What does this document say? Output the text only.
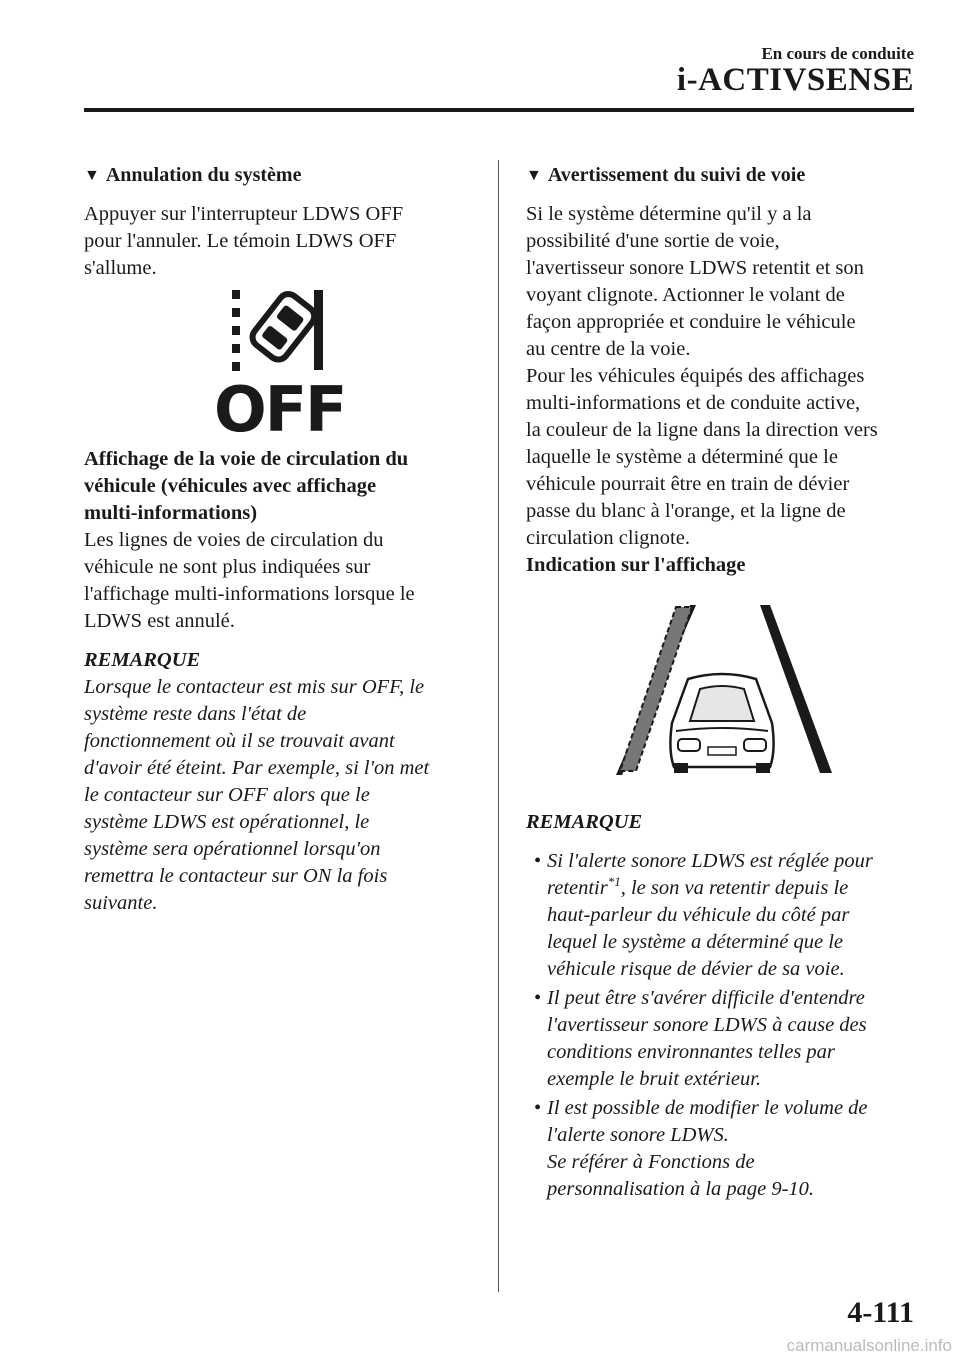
En cours de conduite
i-ACTIVSENSE

▼ Annulation du système

Appuyer sur l'interrupteur LDWS OFF
pour l'annuler. Le témoin LDWS OFF
s'allume.

OFF

Affichage de la voie de circulation du
véhicule (véhicules avec affichage
multi-informations)

Les lignes de voies de circulation du
véhicule ne sont plus indiquées sur
l'affichage multi-informations lorsque le
LDWS est annulé.

REMARQUE

Lorsque le contacteur est mis sur OFF, le
système reste dans l'état de
fonctionnement où il se trouvait avant
d'avoir été éteint. Par exemple, si l'on met
le contacteur sur OFF alors que le
système LDWS est opérationnel, le
système sera opérationnel lorsqu'on
remettra le contacteur sur ON la fois
suivante.

▼ Avertissement du suivi de voie

Si le système détermine qu'il y a la
possibilité d'une sortie de voie,
l'avertisseur sonore LDWS retentit et son
voyant clignote. Actionner le volant de
façon appropriée et conduire le véhicule
au centre de la voie.
Pour les véhicules équipés des affichages
multi-informations et de conduite active,
la couleur de la ligne dans la direction vers
laquelle le système a déterminé que le
véhicule pourrait être en train de dévier
passe du blanc à l'orange, et la ligne de
circulation clignote.

Indication sur l'affichage

REMARQUE

• Si l'alerte sonore LDWS est réglée pour
retentir$^{*1}$, le son va retentir depuis le
haut-parleur du véhicule du côté par
lequel le système a déterminé que le
véhicule risque de dévier de sa voie.

• Il peut être s'avérer difficile d'entendre
l'avertisseur sonore LDWS à cause des
conditions environnantes telles par
exemple le bruit extérieur.

• Il est possible de modifier le volume de
l'alerte sonore LDWS.
Se référer à Fonctions de
personnalisation à la page 9-10.

4-111
carmanualsonline.info
